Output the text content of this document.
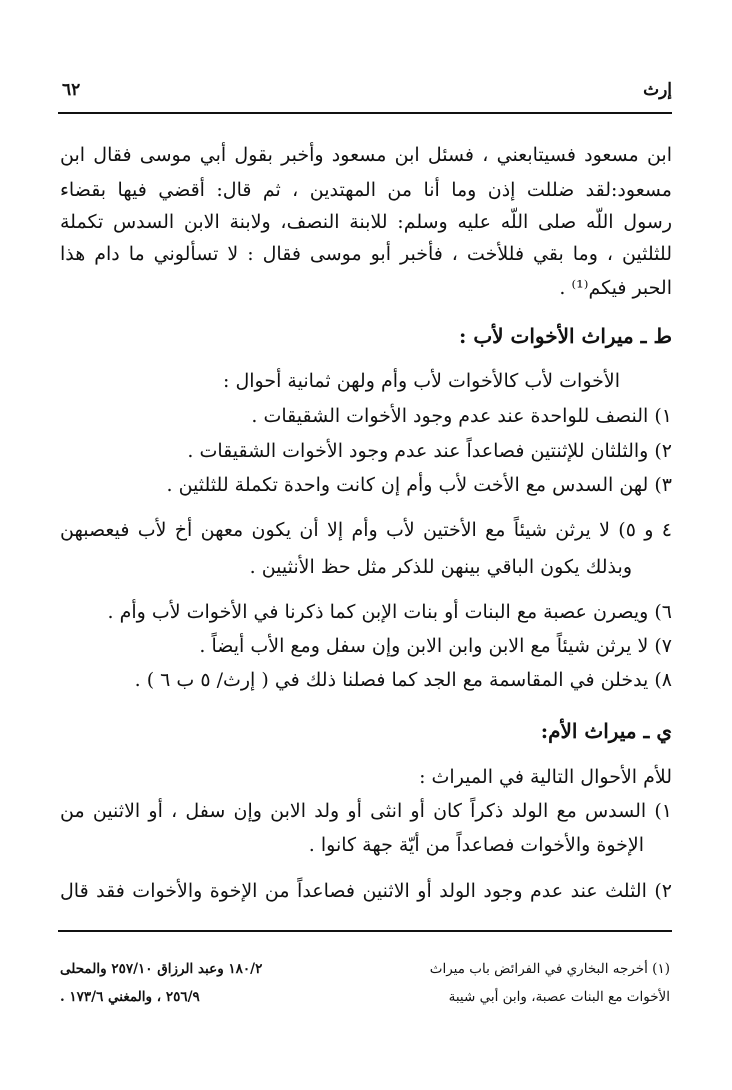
إرث
٦٢
ابن مسعود فسيتابعني ، فسئل ابن مسعود وأخبر بقول أبي موسى فقال ابن
مسعود:لقد ضللت إذن وما أنا من المهتدين ، ثم قال: أقضي فيها بقضاء
رسول اللّه صلى اللّه عليه وسلم: للابنة النصف، ولابنة الابن السدس تكملة
للثلثين ، وما بقي فللأخت ، فأخبر أبو موسى فقال : لا تسألوني ما دام هذا
الحبر فيكم⁽¹⁾ .
ط ـ ميراث الأخوات لأب :
الأخوات لأب كالأخوات لأب وأم ولهن ثمانية أحوال :
١) النصف للواحدة عند عدم وجود الأخوات الشقيقات .
٢) والثلثان للإثنتين فصاعداً عند عدم وجود الأخوات الشقيقات .
٣) لهن السدس مع الأخت لأب وأم إن كانت واحدة تكملة للثلثين .
٤ و ٥) لا يرثن شيئاً مع الأختين لأب وأم إلا أن يكون معهن أخ لأب فيعصبهن
وبذلك يكون الباقي بينهن للذكر مثل حظ الأنثيين .
٦) ويصرن عصبة مع البنات أو بنات الإبن كما ذكرنا في الأخوات لأب وأم .
٧) لا يرثن شيئاً مع الابن وابن الابن وإن سفل ومع الأب أيضاً .
٨) يدخلن في المقاسمة مع الجد كما فصلنا ذلك في ( إرث/ ٥ ب ٦ ) .
ي ـ ميراث الأم:
للأم الأحوال التالية في الميراث :
١) السدس مع الولد ذكراً كان أو انثى أو ولد الابن وإن سفل ، أو الاثنين من
الإخوة والأخوات فصاعداً من أيّة جهة كانوا .
٢) الثلث عند عدم وجود الولد أو الاثنين فصاعداً من الإخوة والأخوات فقد قال
(١) أخرجه البخاري في الفرائض باب ميراث
الأخوات مع البنات عصبة، وابن أبي شيبة
١٨٠/٢ وعبد الرزاق ٢٥٧/١٠ والمحلى
٢٥٦/٩ ، والمغني ١٧٣/٦ .
